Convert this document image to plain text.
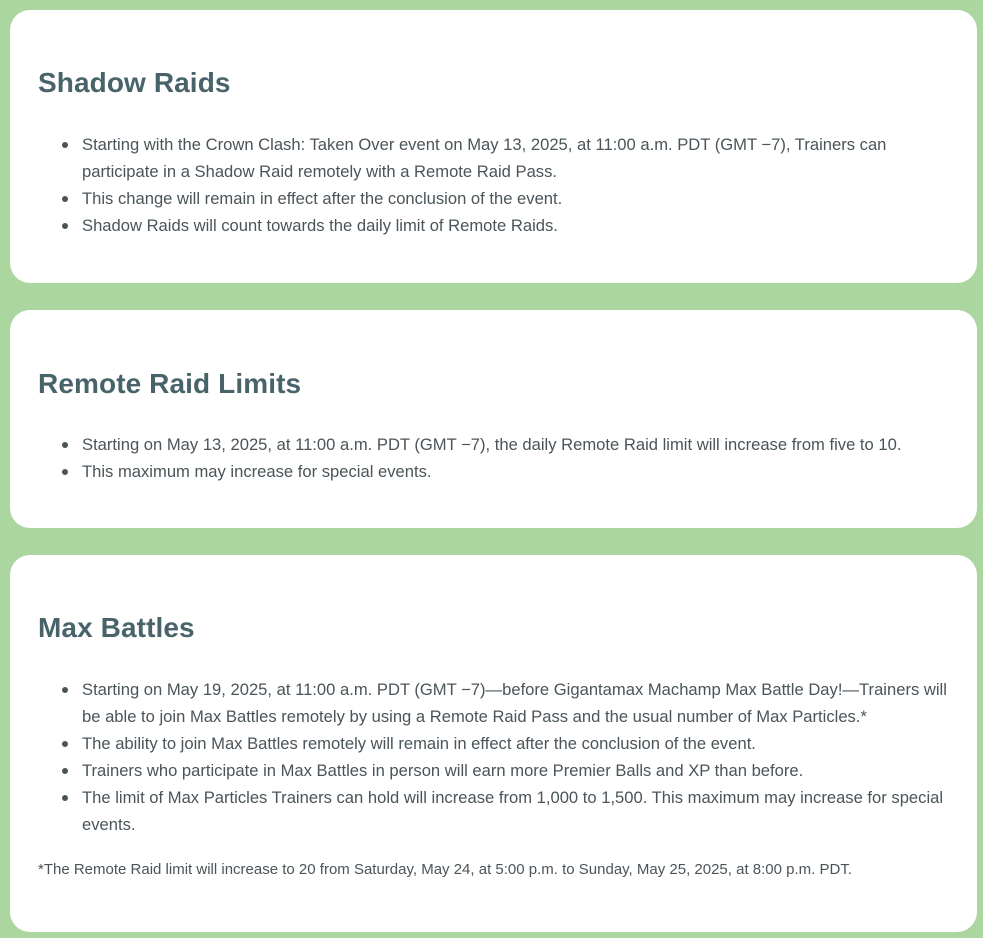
Shadow Raids
Starting with the Crown Clash: Taken Over event on May 13, 2025, at 11:00 a.m. PDT (GMT −7), Trainers can participate in a Shadow Raid remotely with a Remote Raid Pass.
This change will remain in effect after the conclusion of the event.
Shadow Raids will count towards the daily limit of Remote Raids.
Remote Raid Limits
Starting on May 13, 2025, at 11:00 a.m. PDT (GMT −7), the daily Remote Raid limit will increase from five to 10.
This maximum may increase for special events.
Max Battles
Starting on May 19, 2025, at 11:00 a.m. PDT (GMT −7)—before Gigantamax Machamp Max Battle Day!—Trainers will be able to join Max Battles remotely by using a Remote Raid Pass and the usual number of Max Particles.*
The ability to join Max Battles remotely will remain in effect after the conclusion of the event.
Trainers who participate in Max Battles in person will earn more Premier Balls and XP than before.
The limit of Max Particles Trainers can hold will increase from 1,000 to 1,500. This maximum may increase for special events.

*The Remote Raid limit will increase to 20 from Saturday, May 24, at 5:00 p.m. to Sunday, May 25, 2025, at 8:00 p.m. PDT.
